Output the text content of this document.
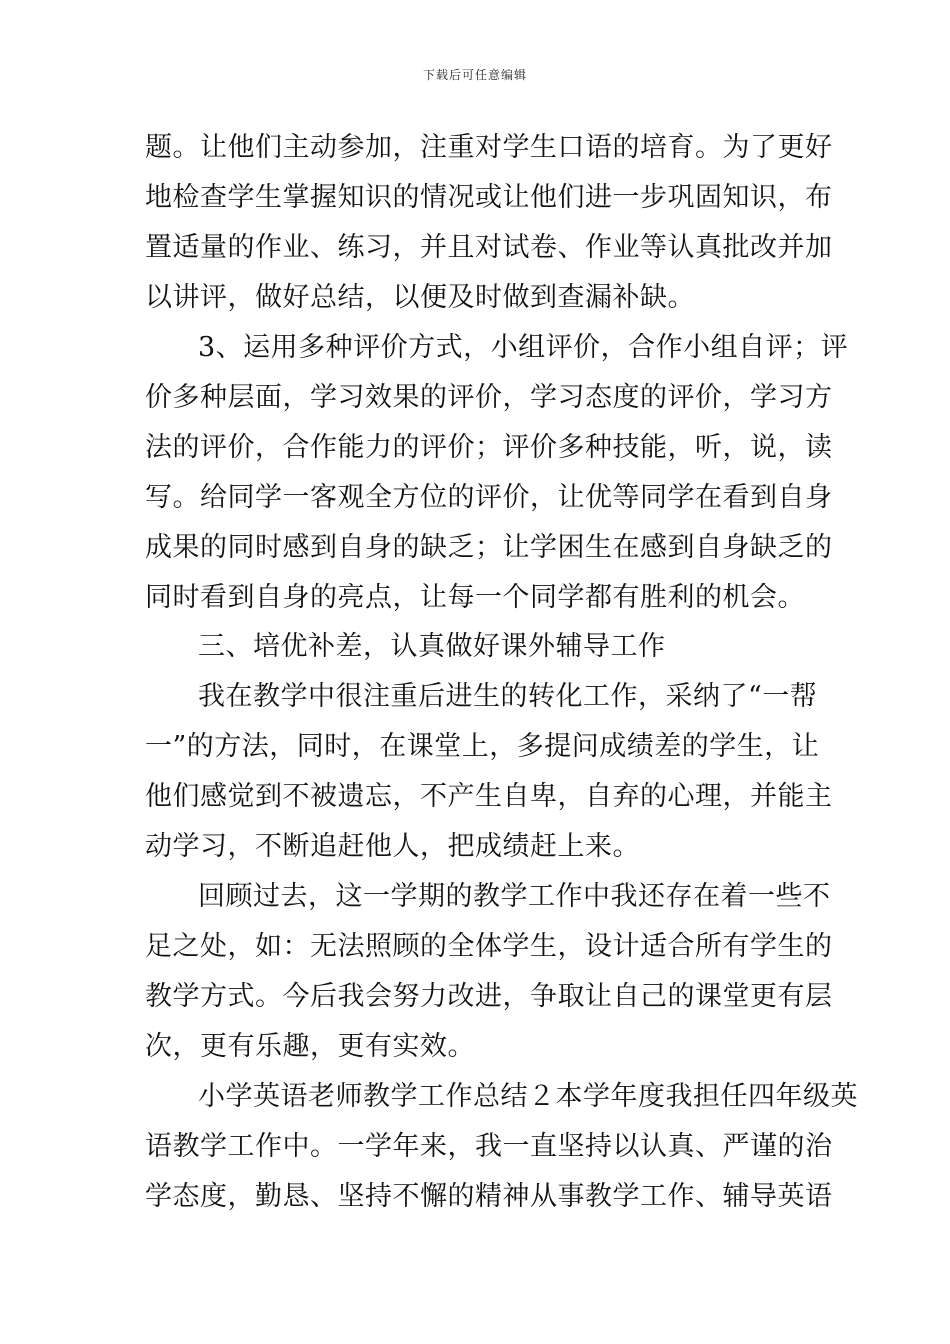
下载后可任意编辑
题。让他们主动参加，注重对学生口语的培育。为了更好
地检查学生掌握知识的情况或让他们进一步巩固知识，布
置适量的作业、练习，并且对试卷、作业等认真批改并加
以讲评，做好总结，以便及时做到查漏补缺。
3、运用多种评价方式，小组评价，合作小组自评；评
价多种层面，学习效果的评价，学习态度的评价，学习方
法的评价，合作能力的评价；评价多种技能，听，说，读
写。给同学一客观全方位的评价，让优等同学在看到自身
成果的同时感到自身的缺乏；让学困生在感到自身缺乏的
同时看到自身的亮点，让每一个同学都有胜利的机会。
三、培优补差，认真做好课外辅导工作
我在教学中很注重后进生的转化工作，采纳了“一帮
一”的方法，同时，在课堂上，多提问成绩差的学生，让
他们感觉到不被遗忘，不产生自卑，自弃的心理，并能主
动学习，不断追赶他人，把成绩赶上来。
回顾过去，这一学期的教学工作中我还存在着一些不
足之处，如：无法照顾的全体学生，设计适合所有学生的
教学方式。今后我会努力改进，争取让自己的课堂更有层
次，更有乐趣，更有实效。
小学英语老师教学工作总结２本学年度我担任四年级英
语教学工作中。一学年来，我一直坚持以认真、严谨的治
学态度，勤恳、坚持不懈的精神从事教学工作、辅导英语
